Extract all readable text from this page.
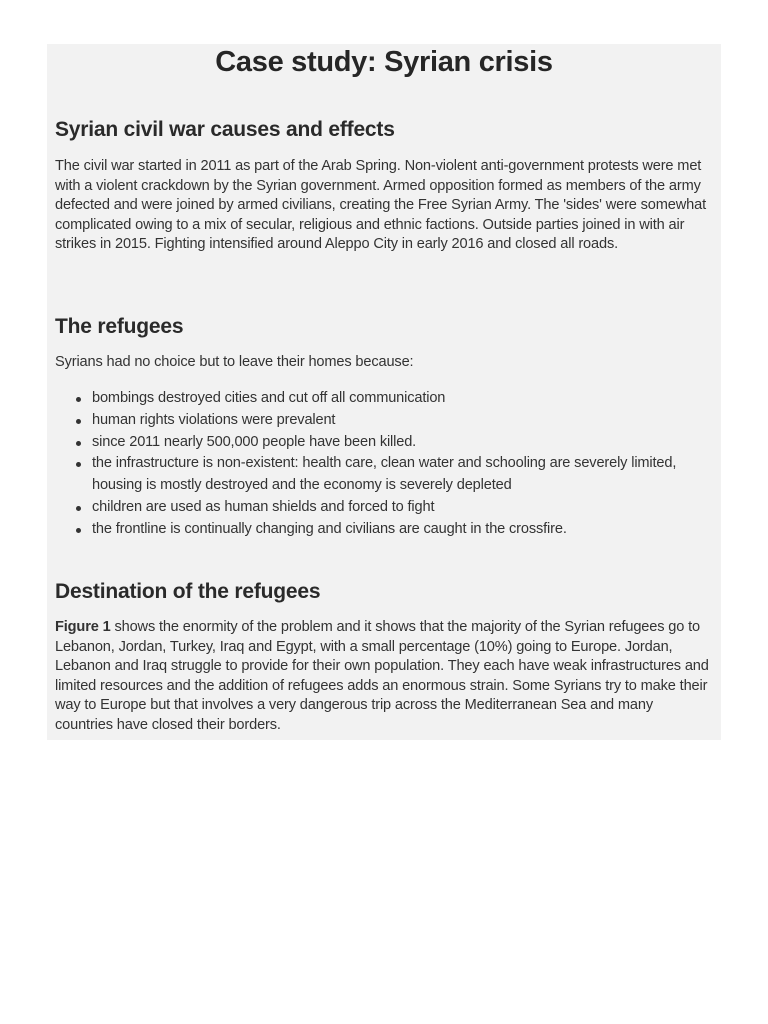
Case study: Syrian crisis
Syrian civil war causes and effects

The civil war started in 2011 as part of the Arab Spring. Non-violent anti-government protests were met with a violent crackdown by the Syrian government. Armed opposition formed as members of the army defected and were joined by armed civilians, creating the Free Syrian Army. The 'sides' were somewhat complicated owing to a mix of secular, religious and ethnic factions. Outside parties joined in with air strikes in 2015. Fighting intensified around Aleppo City in early 2016 and closed all roads.

The refugees

Syrians had no choice but to leave their homes because:

bombings destroyed cities and cut off all communication
human rights violations were prevalent
since 2011 nearly 500,000 people have been killed.
the infrastructure is non-existent: health care, clean water and schooling are severely limited, housing is mostly destroyed and the economy is severely depleted
children are used as human shields and forced to fight
the frontline is continually changing and civilians are caught in the crossfire.
Destination of the refugees

Figure 1 shows the enormity of the problem and it shows that the majority of the Syrian refugees go to Lebanon, Jordan, Turkey, Iraq and Egypt, with a small percentage (10%) going to Europe. Jordan, Lebanon and Iraq struggle to provide for their own population. They each have weak infrastructures and limited resources and the addition of refugees adds an enormous strain. Some Syrians try to make their way to Europe but that involves a very dangerous trip across the Mediterranean Sea and many countries have closed their borders.
